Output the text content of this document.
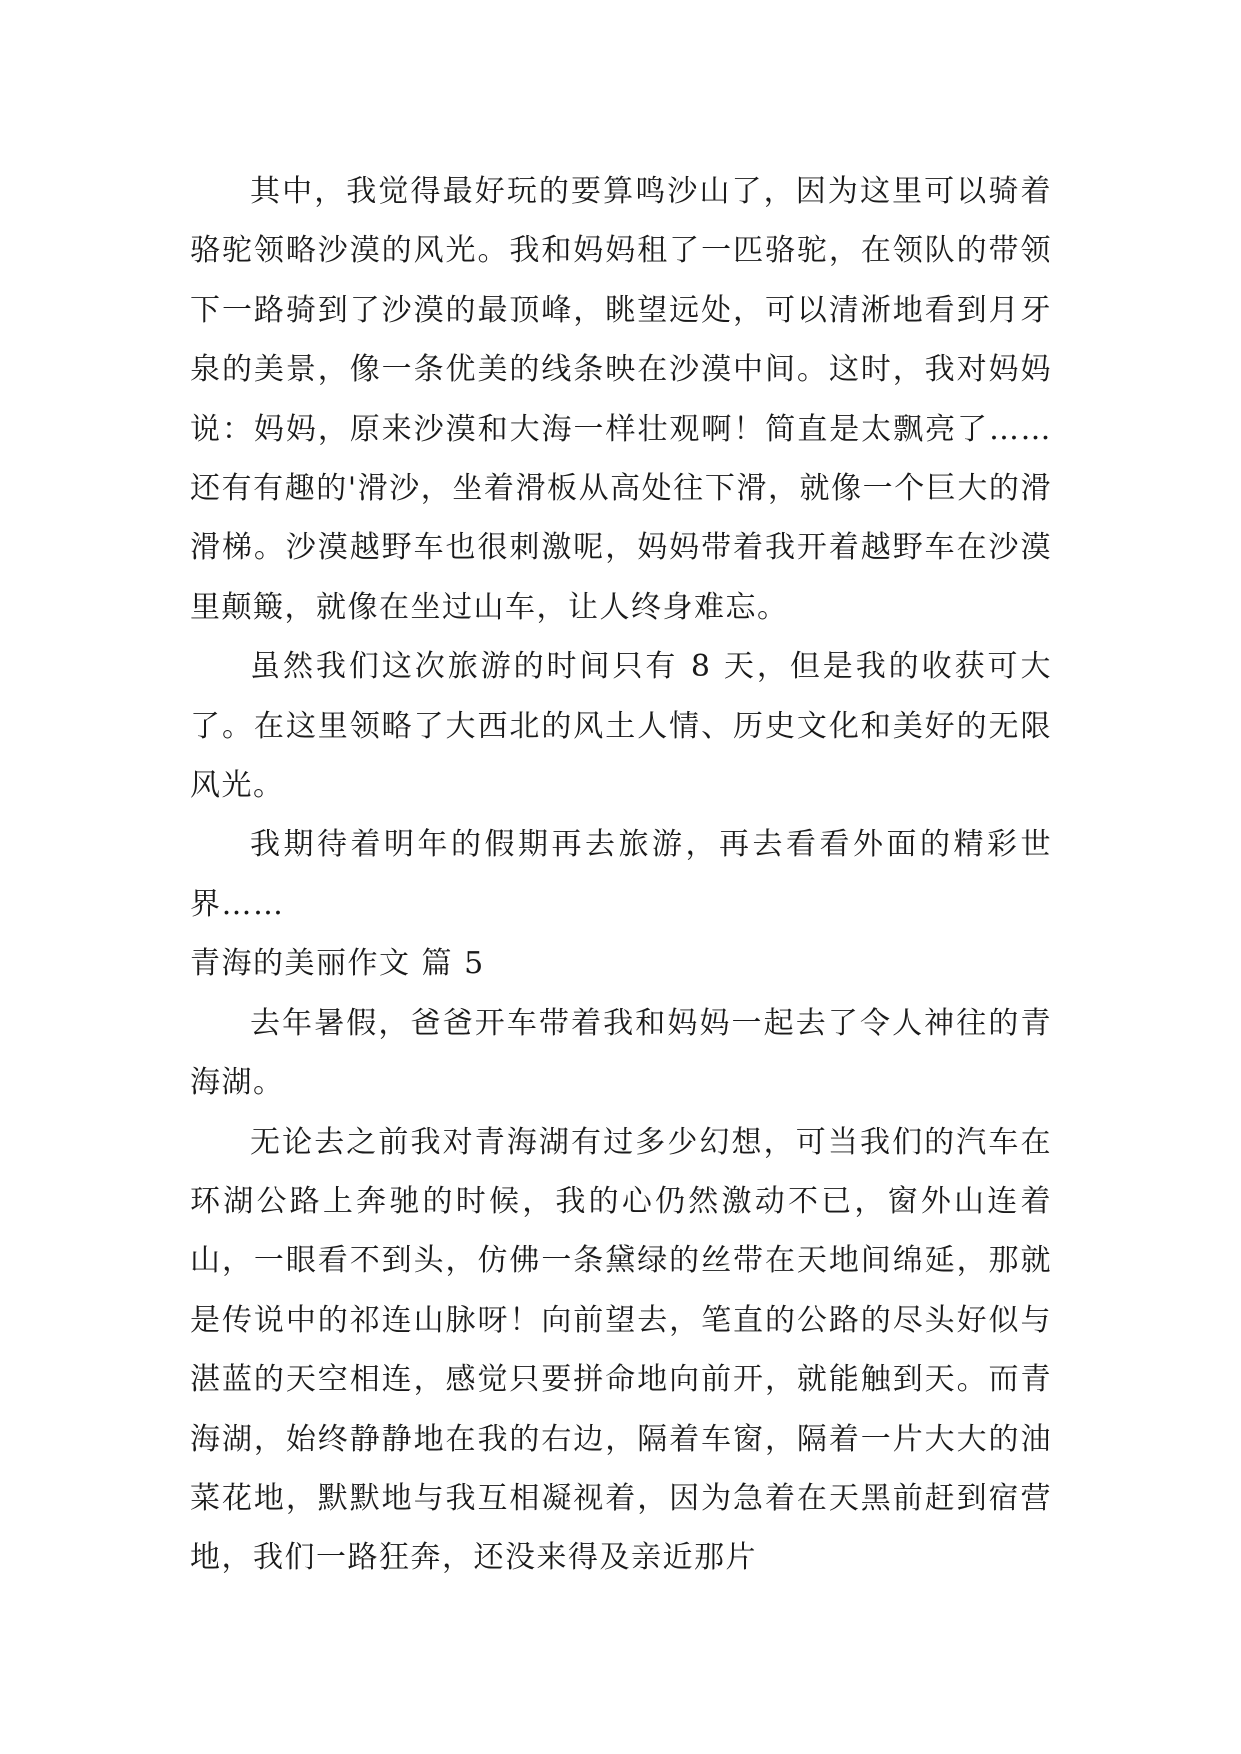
其中，我觉得最好玩的要算鸣沙山了，因为这里可以骑着骆驼领略沙漠的风光。我和妈妈租了一匹骆驼，在领队的带领下一路骑到了沙漠的最顶峰，眺望远处，可以清淅地看到月牙泉的美景，像一条优美的线条映在沙漠中间。这时，我对妈妈说：妈妈，原来沙漠和大海一样壮观啊！简直是太飘亮了……还有有趣的'滑沙，坐着滑板从高处往下滑，就像一个巨大的滑滑梯。沙漠越野车也很刺激呢，妈妈带着我开着越野车在沙漠里颠簸，就像在坐过山车，让人终身难忘。

虽然我们这次旅游的时间只有 8 天，但是我的收获可大了。在这里领略了大西北的风土人情、历史文化和美好的无限风光。

我期待着明年的假期再去旅游，再去看看外面的精彩世界……

青海的美丽作文 篇 5

去年暑假，爸爸开车带着我和妈妈一起去了令人神往的青海湖。

无论去之前我对青海湖有过多少幻想，可当我们的汽车在环湖公路上奔驰的时候，我的心仍然激动不已，窗外山连着山，一眼看不到头，仿佛一条黛绿的丝带在天地间绵延，那就是传说中的祁连山脉呀！向前望去，笔直的公路的尽头好似与湛蓝的天空相连，感觉只要拼命地向前开，就能触到天。而青海湖，始终静静地在我的右边，隔着车窗，隔着一片大大的油菜花地，默默地与我互相凝视着，因为急着在天黑前赶到宿营地，我们一路狂奔，还没来得及亲近那片
